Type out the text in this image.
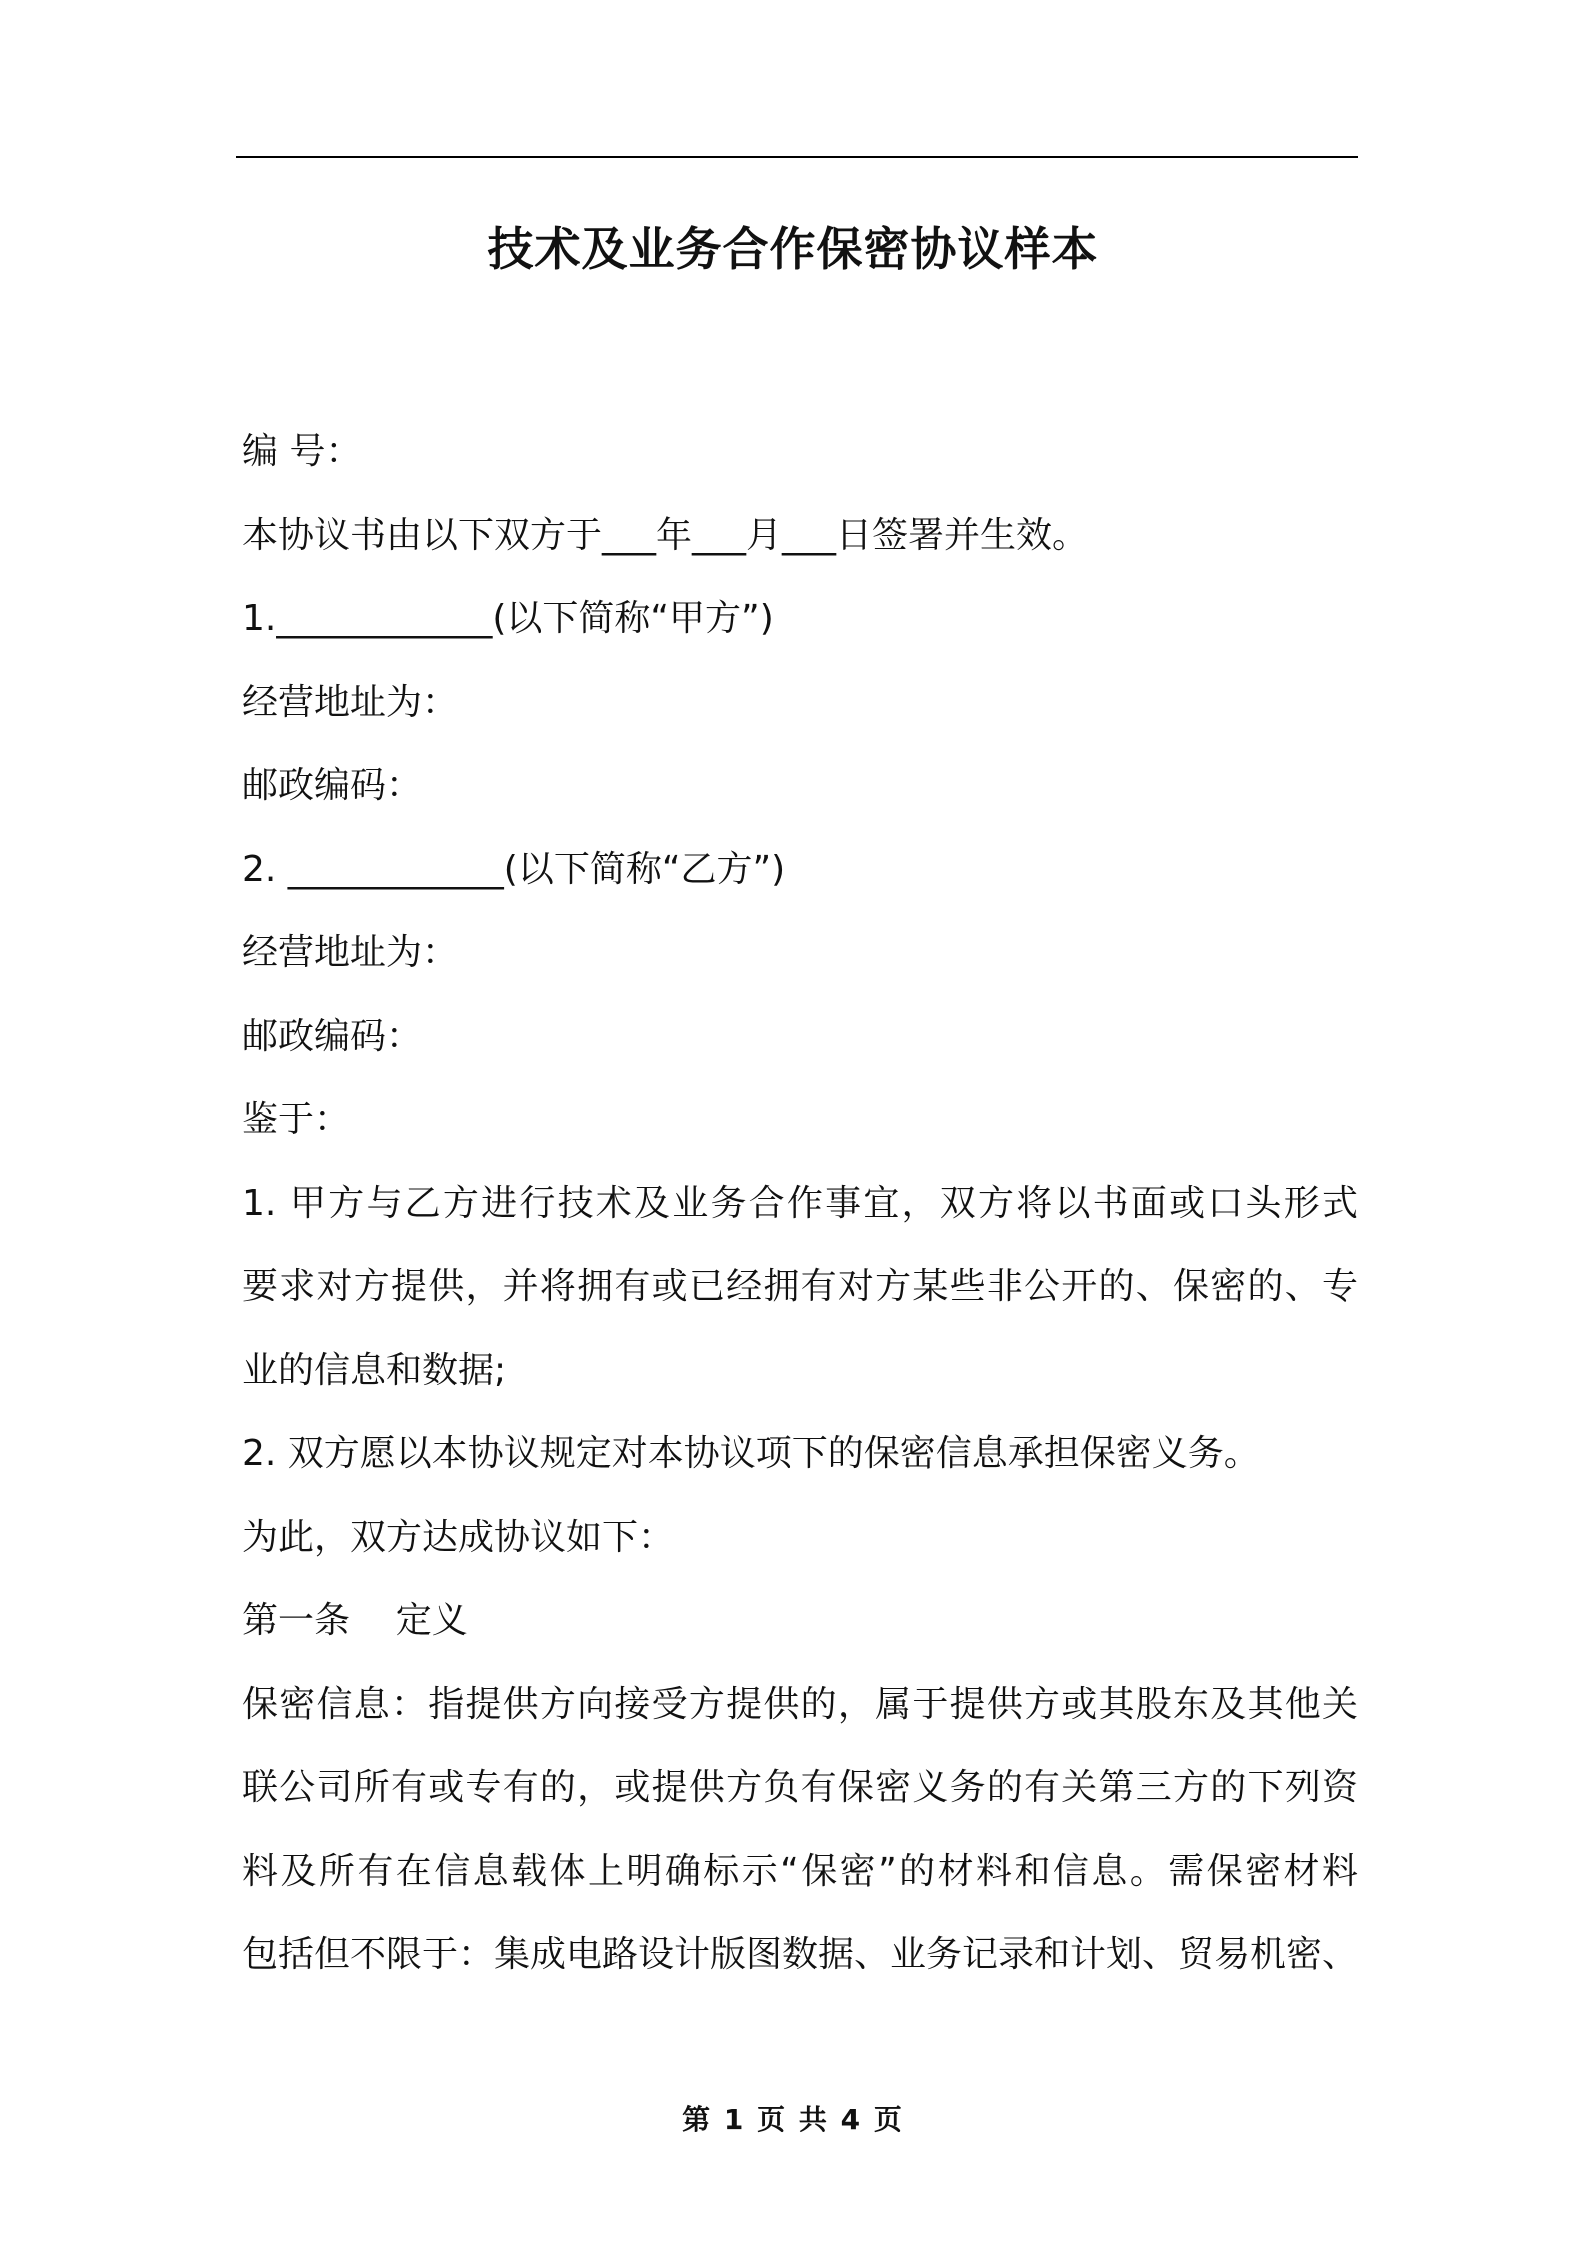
技术及业务合作保密协议样本

编 号：

本协议书由以下双方于___年___月___日签署并生效。

1.____________(以下简称“甲方”)

经营地址为：

邮政编码：

2. ____________(以下简称“乙方”)

经营地址为：

邮政编码：

鉴于：

1. 甲方与乙方进行技术及业务合作事宜，双方将以书面或口头形式

要求对方提供，并将拥有或已经拥有对方某些非公开的、保密的、专

业的信息和数据;

2. 双方愿以本协议规定对本协议项下的保密信息承担保密义务。

为此，双方达成协议如下：

第一条    定义

保密信息：指提供方向接受方提供的，属于提供方或其股东及其他关

联公司所有或专有的，或提供方负有保密义务的有关第三方的下列资

料及所有在信息载体上明确标示“保密”的材料和信息。需保密材料

包括但不限于：集成电路设计版图数据、业务记录和计划、贸易机密、

第 1 页 共 4 页
